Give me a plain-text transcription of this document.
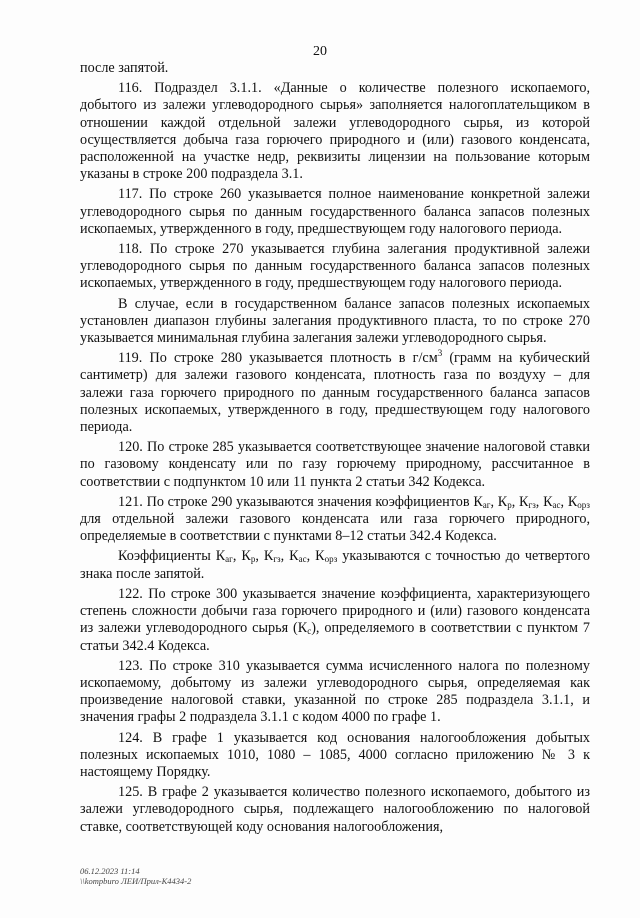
20

после запятой.

116. Подраздел 3.1.1. «Данные о количестве полезного ископаемого, добытого из залежи углеводородного сырья» заполняется налогоплательщиком в отношении каждой отдельной залежи углеводородного сырья, из которой осуществляется добыча газа горючего природного и (или) газового конденсата, расположенной на участке недр, реквизиты лицензии на пользование которым указаны в строке 200 подраздела 3.1.

117. По строке 260 указывается полное наименование конкретной залежи углеводородного сырья по данным государственного баланса запасов полезных ископаемых, утвержденного в году, предшествующем году налогового периода.

118. По строке 270 указывается глубина залегания продуктивной залежи углеводородного сырья по данным государственного баланса запасов полезных ископаемых, утвержденного в году, предшествующем году налогового периода.

В случае, если в государственном балансе запасов полезных ископаемых установлен диапазон глубины залегания продуктивного пласта, то по строке 270 указывается минимальная глубина залегания залежи углеводородного сырья.

119. По строке 280 указывается плотность в $г/см^3$ (грамм на кубический сантиметр) для залежи газового конденсата, плотность газа по воздуху – для залежи газа горючего природного по данным государственного баланса запасов полезных ископаемых, утвержденного в году, предшествующем году налогового периода.

120. По строке 285 указывается соответствующее значение налоговой ставки по газовому конденсату или по газу горючему природному, рассчитанное в соответствии с подпунктом 10 или 11 пункта 2 статьи 342 Кодекса.

121. По строке 290 указываются значения коэффициентов $К_{аг}$, $К_р$, $К_{гз}$, $К_{ас}$, $К_{орз}$ для отдельной залежи газового конденсата или газа горючего природного, определяемые в соответствии с пунктами 8–12 статьи 342.4 Кодекса.

Коэффициенты $К_{аг}$, $К_р$, $К_{гз}$, $К_{ас}$, $К_{орз}$ указываются с точностью до четвертого знака после запятой.

122. По строке 300 указывается значение коэффициента, характеризующего степень сложности добычи газа горючего природного и (или) газового конденсата из залежи углеводородного сырья $(К_с)$, определяемого в соответствии с пунктом 7 статьи 342.4 Кодекса.

123. По строке 310 указывается сумма исчисленного налога по полезному ископаемому, добытому из залежи углеводородного сырья, определяемая как произведение налоговой ставки, указанной по строке 285 подраздела 3.1.1, и значения графы 2 подраздела 3.1.1 с кодом 4000 по графе 1.

124. В графе 1 указывается код основания налогообложения добытых полезных ископаемых 1010, 1080 – 1085, 4000 согласно приложению № 3 к настоящему Порядку.

125. В графе 2 указывается количество полезного ископаемого, добытого из залежи углеводородного сырья, подлежащего налогообложению по налоговой ставке, соответствующей коду основания налогообложения,

06.12.2023 11:14
\\kompburo ЛЕИ/Прил-К4434-2
